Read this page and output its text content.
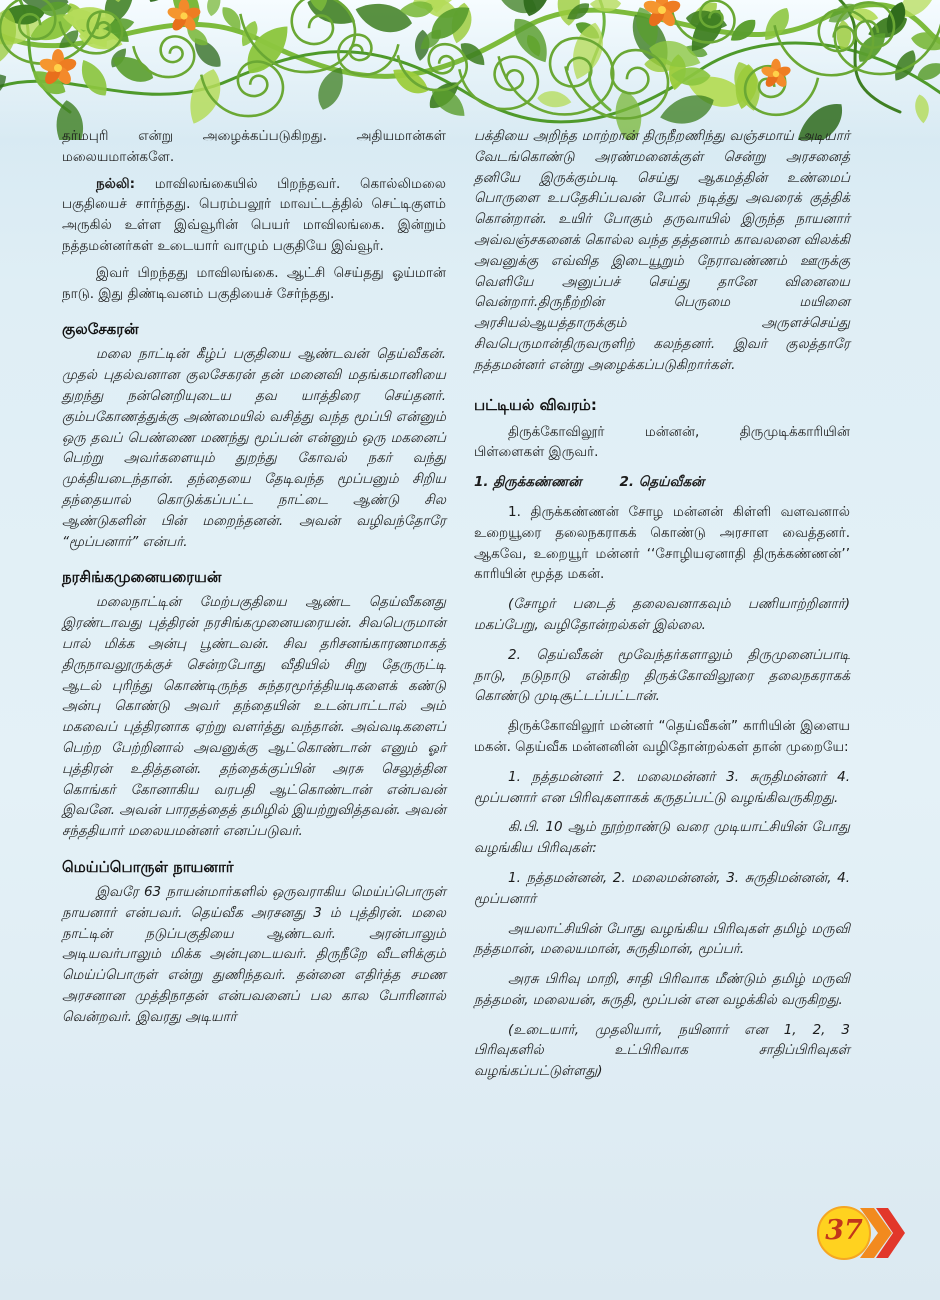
தர்மபுரி என்று அழைக்கப்படுகிறது. அதியமான்கள் மலையமான்களே.

நல்லி: மாவிலங்கையில் பிறந்தவர். கொல்லிமலை பகுதியைச் சார்ந்தது. பெரம்பலூர் மாவட்டத்தில் செட்டிகுளம் அருகில் உள்ள இவ்வூரின் பெயர் மாவிலங்கை. இன்றும் நத்தமன்னர்கள் உடையார் வாழும் பகுதியே இவ்வூர்.

இவர் பிறந்தது மாவிலங்கை. ஆட்சி செய்தது ஓய்மான் நாடு. இது திண்டிவனம் பகுதியைச் சேர்ந்தது.

குலசேகரன்

மலை நாட்டின் கீழ்ப் பகுதியை ஆண்டவன் தெய்வீகன். முதல் புதல்வனான குலசேகரன் தன் மனைவி மதங்கமானியை துறந்து நன்னெறியுடைய தவ யாத்திரை செய்தனர். கும்பகோணத்துக்கு அண்மையில் வசித்து வந்த மூப்பி என்னும் ஒரு தவப் பெண்ணை மணந்து மூப்பன் என்னும் ஒரு மகனைப் பெற்று அவர்களையும் துறந்து கோவல் நகர் வந்து முக்தியடைந்தான். தந்தையை தேடிவந்த மூப்பனும் சிறிய தந்தையால் கொடுக்கப்பட்ட நாட்டை ஆண்டு சில ஆண்டுகளின் பின் மறைந்தனன். அவன் வழிவந்தோரே “மூப்பனார்” என்பர்.

நரசிங்கமுனையரையன்

மலைநாட்டின் மேற்பகுதியை ஆண்ட தெய்வீகனது இரண்டாவது புத்திரன் நரசிங்கமுனையரையன். சிவபெருமான் பால் மிக்க அன்பு பூண்டவன். சிவ தரிசனங்காரணமாகத் திருநாவலூருக்குச் சென்றபோது வீதியில் சிறு தேருருட்டி ஆடல் புரிந்து கொண்டிருந்த சுந்தரமூர்த்தியடிகளைக் கண்டு அன்பு கொண்டு அவர் தந்தையின் உடன்பாட்டால் அம் மகவைப் புத்திரனாக ஏற்று வளர்த்து வந்தான். அவ்வடிகளைப் பெற்ற பேற்றினால் அவனுக்கு ஆட்கொண்டான் எனும் ஓர் புத்திரன் உதித்தனன். தந்தைக்குப்பின் அரசு செலுத்தின கொங்கர் கோனாகிய வரபதி ஆட்கொண்டான் என்பவன் இவனே. அவன் பாரதத்தைத் தமிழில் இயற்றுவித்தவன். அவன் சந்ததியார் மலையமன்னர் எனப்படுவர்.

மெய்ப்பொருள் நாயனார்

இவரே 63 நாயன்மார்களில் ஒருவராகிய மெய்ப்பொருள் நாயனார் என்பவர். தெய்வீக அரசனது 3 ம் புத்திரன். மலை நாட்டின் நடுப்பகுதியை ஆண்டவர். அரன்பாலும் அடியவர்பாலும் மிக்க அன்புடையவர். திருநீறே வீடளிக்கும் மெய்ப்பொருள் என்று துணிந்தவர். தன்னை எதிர்த்த சமண அரசனான முத்திநாதன் என்பவனைப் பல கால போரினால் வென்றவர். இவரது அடியார்

பக்தியை அறிந்த மாற்றான் திருநீறணிந்து வஞ்சமாய் அடியார் வேடங்கொண்டு அரண்மனைக்குள் சென்று அரசனைத் தனியே இருக்கும்படி செய்து ஆகமத்தின் உண்மைப் பொருளை உபதேசிப்பவன் போல் நடித்து அவரைக் குத்திக் கொன்றான். உயிர் போகும் தருவாயில் இருந்த நாயனார் அவ்வஞ்சகனைக் கொல்ல வந்த தத்தனாம் காவலனை விலக்கி அவனுக்கு எவ்வித இடையூறும் நேராவண்ணம் ஊருக்கு வெளியே அனுப்பச் செய்து தானே வினையை வென்றார்.திருநீற்றின் பெருமை மயினை அரசியல்ஆயத்தாருக்கும் அருளச்செய்து சிவபெருமான்திருவருளிற் கலந்தனர். இவர் குலத்தாரே நத்தமன்னர் என்று அழைக்கப்படுகிறார்கள்.

பட்டியல் விவரம்:

திருக்கோவிலூர் மன்னன், திருமுடிக்காரியின் பிள்ளைகள் இருவர்.

1. திருக்கண்ணன்	2. தெய்வீகன்

1. திருக்கண்ணன் சோழ மன்னன் கிள்ளி வளவனால் உறையூரை தலைநகராகக் கொண்டு அரசாள வைத்தனர். ஆகவே, உறையூர் மன்னர் ‘‘சோழியஏனாதி திருக்கண்ணன்’’ காரியின் மூத்த மகன்.

(சோழர் படைத் தலைவனாகவும் பணியாற்றினார்) மகப்பேறு, வழிதோன்றல்கள் இல்லை.

2. தெய்வீகன் மூவேந்தர்களாலும் திருமுனைப்பாடி நாடு, நடுநாடு என்கிற திருக்கோவிலூரை தலைநகராகக் கொண்டு முடிசூட்டப்பட்டான்.

திருக்கோவிலூர் மன்னர் “தெய்வீகன்” காரியின் இளைய மகன். தெய்வீக மன்னனின் வழிதோன்றல்கள் தான் முறையே:

1. நத்தமன்னர் 2. மலைமன்னர் 3. சுருதிமன்னர் 4. மூப்பனார் என பிரிவுகளாகக் கருதப்பட்டு வழங்கிவருகிறது.

கி.பி. 10 ஆம் நூற்றாண்டு வரை முடியாட்சியின் போது வழங்கிய பிரிவுகள்:

1. நத்தமன்னன், 2. மலைமன்னன், 3. சுருதிமன்னன், 4. மூப்பனார்

அயலாட்சியின் போது வழங்கிய பிரிவுகள் தமிழ் மருவி நத்தமான், மலையமான், சுருதிமான், மூப்பர்.

அரசு பிரிவு மாறி, சாதி பிரிவாக மீண்டும் தமிழ் மருவி நத்தமன், மலையன், சுருதி, மூப்பன் என வழக்கில் வருகிறது.

(உடையார், முதலியார், நயினார் என 1, 2, 3 பிரிவுகளில் உட்பிரிவாக சாதிப்பிரிவுகள் வழங்கப்பட்டுள்ளது)

37
